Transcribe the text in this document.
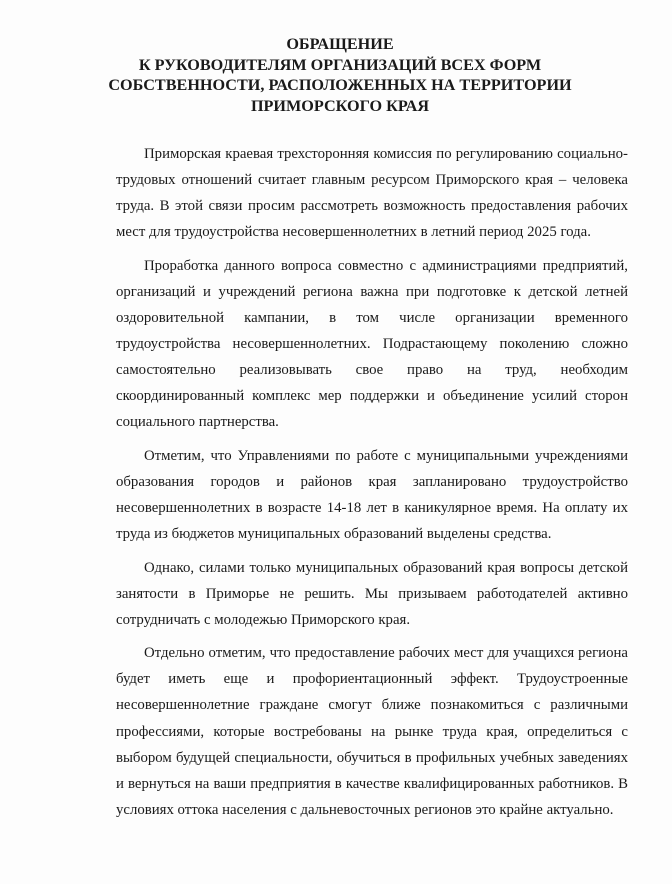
ОБРАЩЕНИЕ
К РУКОВОДИТЕЛЯМ ОРГАНИЗАЦИЙ ВСЕХ ФОРМ
СОБСТВЕННОСТИ, РАСПОЛОЖЕННЫХ НА ТЕРРИТОРИИ
ПРИМОРСКОГО КРАЯ

Приморская краевая трехсторонняя комиссия по регулированию социально-трудовых отношений считает главным ресурсом Приморского края – человека труда. В этой связи просим рассмотреть возможность предоставления рабочих мест для трудоустройства несовершеннолетних в летний период 2025 года.

Проработка данного вопроса совместно с администрациями предприятий, организаций и учреждений региона важна при подготовке к детской летней оздоровительной кампании, в том числе организации временного трудоустройства несовершеннолетних. Подрастающему поколению сложно самостоятельно реализовывать свое право на труд, необходим скоординированный комплекс мер поддержки и объединение усилий сторон социального партнерства.

Отметим, что Управлениями по работе с муниципальными учреждениями образования городов и районов края запланировано трудоустройство несовершеннолетних в возрасте 14-18 лет в каникулярное время. На оплату их труда из бюджетов муниципальных образований выделены средства.

Однако, силами только муниципальных образований края вопросы детской занятости в Приморье не решить. Мы призываем работодателей активно сотрудничать с молодежью Приморского края.

Отдельно отметим, что предоставление рабочих мест для учащихся региона будет иметь еще и профориентационный эффект. Трудоустроенные несовершеннолетние граждане смогут ближе познакомиться с различными профессиями, которые востребованы на рынке труда края, определиться с выбором будущей специальности, обучиться в профильных учебных заведениях и вернуться на ваши предприятия в качестве квалифицированных работников. В условиях оттока населения с дальневосточных регионов это крайне актуально.
